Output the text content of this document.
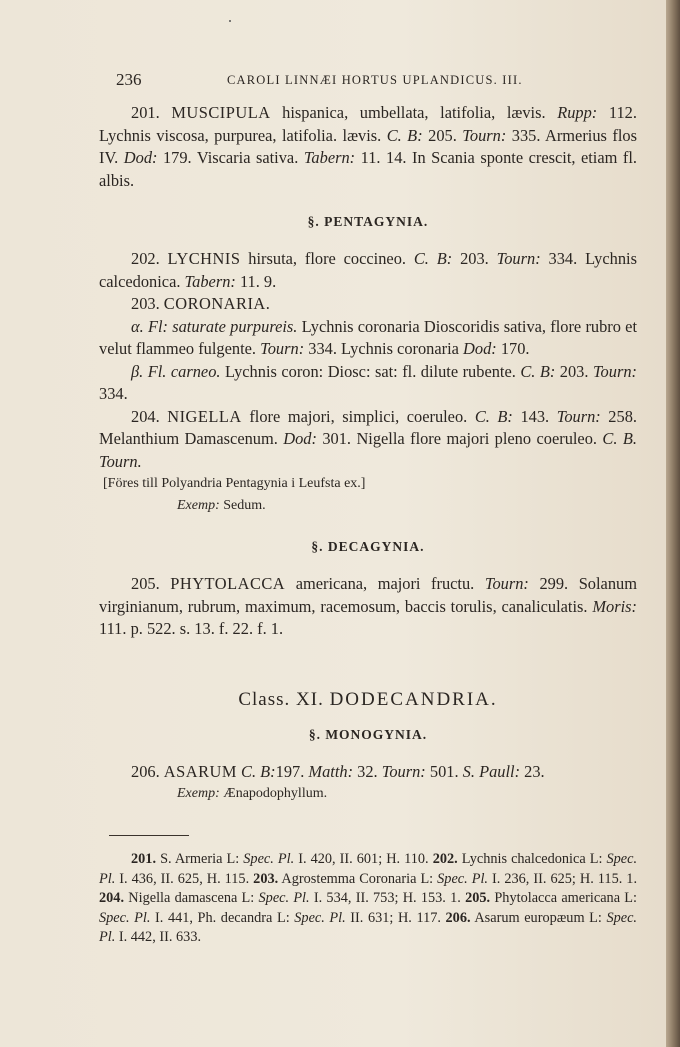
236	CAROLI LINNÆI HORTUS UPLANDICUS. III.

201. MUSCIPULA hispanica, umbellata, latifolia, lævis. Rupp: 112. Lychnis viscosa, purpurea, latifolia. lævis. C. B: 205. Tourn: 335. Armerius flos IV. Dod: 179. Viscaria sativa. Tabern: 11. 14. In Scania sponte crescit, etiam fl. albis.

§. PENTAGYNIA.

202. LYCHNIS hirsuta, flore coccineo. C. B: 203. Tourn: 334. Lychnis calcedonica. Tabern: 11. 9.

203. CORONARIA.

α. Fl: saturate purpureis. Lychnis coronaria Dioscoridis sativa, flore rubro et velut flammeo fulgente. Tourn: 334. Lychnis coronaria Dod: 170.

β. Fl. carneo. Lychnis coron: Diosc: sat: fl. dilute rubente. C. B: 203. Tourn: 334.

204. NIGELLA flore majori, simplici, coeruleo. C. B: 143. Tourn: 258. Melanthium Damascenum. Dod: 301. Nigella flore majori pleno coeruleo. C. B. Tourn.

[Föres till Polyandria Pentagynia i Leufsta ex.]

Exemp: Sedum.

§. DECAGYNIA.

205. PHYTOLACCA americana, majori fructu. Tourn: 299. Solanum virginianum, rubrum, maximum, racemosum, baccis torulis, canaliculatis. Moris: 111. p. 522. s. 13. f. 22. f. 1.

Class. XI. DODECANDRIA.
§. MONOGYNIA.

206. ASARUM C. B:197. Matth: 32. Tourn: 501. S. Paull: 23.

Exemp: Ænapodophyllum.

201. S. Armeria L: Spec. Pl. I. 420, II. 601; H. 110. 202. Lychnis chalcedonica L: Spec. Pl. I. 436, II. 625, H. 115. 203. Agrostemma Coronaria L: Spec. Pl. I. 236, II. 625; H. 115. 1. 204. Nigella damascena L: Spec. Pl. I. 534, II. 753; H. 153. 1. 205. Phytolacca americana L: Spec. Pl. I. 441, Ph. decandra L: Spec. Pl. II. 631; H. 117. 206. Asarum europæum L: Spec. Pl. I. 442, II. 633.
